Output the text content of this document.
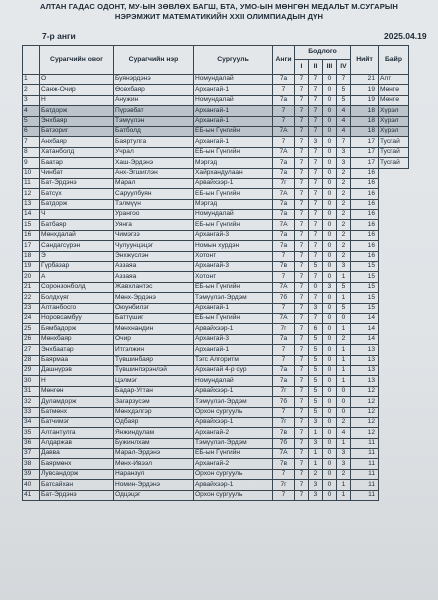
АЛТАН ГАДАС ОДОНТ, МУ-ЫН ЗӨВЛӨХ БАГШ, БТА, УМО-ЫН МӨНГӨН МЕДАЛЬТ М.СУГАРЫН
НЭРЭМЖИТ МАТЕМАТИКИЙН XXII ОЛИМПИАДЫН ДҮН
7-р анги	2025.04.19
	Сурагчийн овог	Сурагчийн нэр	Сургууль	Анги	Бодлого				Нийт	Байр
					I	II	III	IV		
1	О	Буянэрдэнэ	Номундалай	7а	7	7	0	7	21	Алт
2	Санж-Очир	Өсөхбаяр	Архангай-1	7	7	7	0	5	19	Мөнгө
3	Н	Анужин	Номундалай	7а	7	7	0	5	19	Мөнгө
4	Батдорж	Пүрэвбат	Архангай-1	7	7	7	0	4	18	Хүрэл
5	Энхбаяр	Тэмүүлэн	Архангай-1	7	7	7	0	4	18	Хүрэл
6	Батзориг	Батболд	ЕБ-ын Гүнгийн	7А	7	7	0	4	18	Хүрэл
7	Анхбаяр	Баяртулга	Архангай-1	7	7	3	0	7	17	Тусгай
8	Хатанболд	Учрал	ЕБ-ын Гүнгийн	7А	7	7	0	3	17	Тусгай
9	Баатар	Хаш-Эрдэнэ	Мэргэд	7а	7	7	0	3	17	Тусгай
10	Чинбат	Анх-Эгшиглэн	Хайрхандулаан	7а	7	7	0	2	16	
11	Бат-Эрдэнэ	Марал	Арвайхээр-1	7г	7	7	0	2	16	
12	Батсүх	Саруулбуян	ЕБ-ын Гүнгийн	7А	7	7	0	2	16	
13	Батдорж	Тэлмүүн	Мэргэд	7а	7	7	0	2	16	
14	Ч	Урангоо	Номундалай	7а	7	7	0	2	16	
15	Батбаяр	Уянга	ЕБ-ын Гүнгийн	7А	7	7	0	2	16	
16	Мөнхдалай	Чимэгзэ	Архангай-3	7а	7	7	0	2	16	
17	Сандагсүрэн	Чулуунцэцэг	Номын хурдэн	7а	7	7	0	2	16	
18	Э	Энхжүслэн	Хотонт	7	7	7	0	2	16	
19	Гүрбазар	Аззаяа	Архангай-3	7в	7	5	0	3	15	
20	А	Аззаяа	Хотонт	7	7	7	0	1	15	
21	Соронзонболд	Жавхлантэс	ЕБ-ын Гүнгийн	7А	7	0	3	5	15	
22	Болдхүяг	Мөнх-Эрдэнэ	Тэмүүлэл-Эрдэм	7б	7	7	0	1	15	
23	Алтанбосго	Оюунбилэг	Архангай-1	7	7	3	0	5	15	
24	Норовсамбуу	Баттүшиг	ЕБ-ын Гүнгийн	7А	7	7	0	0	14	
25	Бямбадорж	Мөнхнандин	Арвайхээр-1	7г	7	6	0	1	14	
26	Мөнхбаяр	Очир	Архангай-3	7а	7	5	0	2	14	
27	Энхбаатар	Итгэлжин	Архангай-1	7	7	5	0	1	13	
28	Баярмаа	Түвшинбаяр	Тэгс Алгоритм	7	7	5	0	1	13	
29	Дашнүрэв	Түвшинпэрэнлэй	Архангай 4-р сур	7а	7	5	0	1	13	
30	Н	Цэлмэг	Номундалай	7а	7	5	0	1	13	
31	Мөнгөн	Бадар-Угтан	Арвайхээр-1	7г	7	5	0	0	12	
32	Дуламдорж	Загарзусэм	Тэмүүлэл-Эрдэм	7б	7	5	0	0	12	
33	Батмөнх	Мөнхдэлгэр	Орхон сургууль	7	7	5	0	0	12	
34	Батчимэг	Одбаяр	Арвайхээр-1	7г	7	3	0	2	12	
35	Алтантулга	Янжиндулам	Архангай-2	7в	7	1	0	4	12	
36	Алдаржав	Бужинлхам	Тэмүүлэл-Эрдэм	7б	7	3	0	1	11	
37	Давва	Марал-Эрдэнэ	ЕБ-ын Гүнгийн	7А	7	1	0	3	11	
38	Баярмөнх	Мөнх-Ивээл	Архангай-2	7в	7	1	0	3	11	
39	Лувсандорж	Наранзул	Орхон сургууль	7	7	2	0	2	11	
40	Батсайхан	Номин-Эрдэнэ	Арвайхээр-1	7г	7	3	0	1	11	
41	Бат-Эрдэнэ	Одцэцэг	Орхон сургууль	7	7	3	0	1	11	
